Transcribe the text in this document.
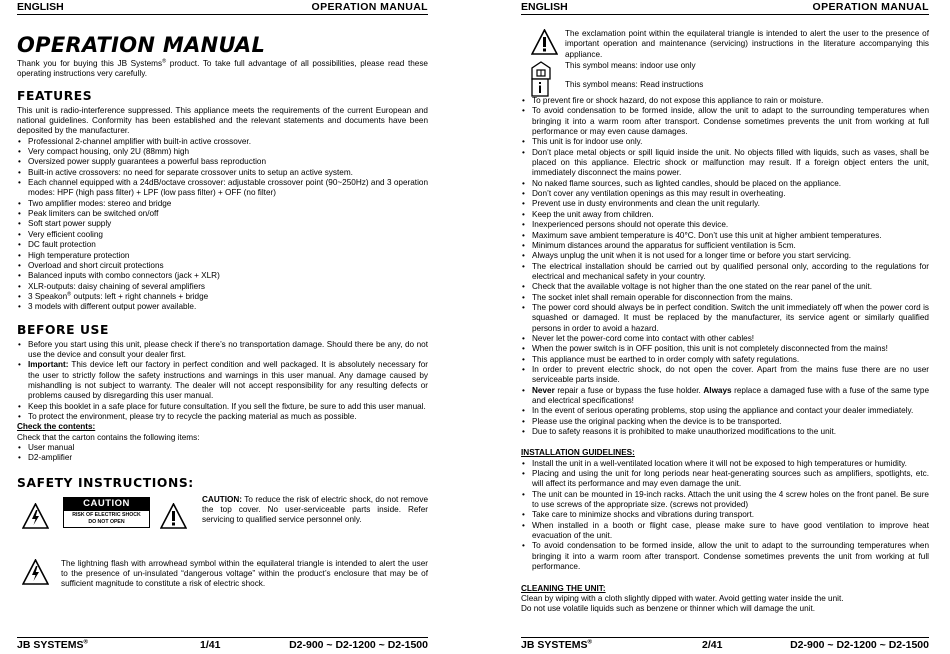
ENGLISH	OPERATION MANUAL
OPERATION MANUAL

Thank you for buying this JB Systems® product. To take full advantage of all possibilities, please read these operating instructions very carefully.

FEATURES

This unit is radio-interference suppressed. This appliance meets the requirements of the current European and national guidelines. Conformity has been established and the relevant statements and documents have been deposited by the manufacturer.

• Professional 2-channel amplifier with built-in active crossover.
• Very compact housing, only 2U (88mm) high
• Oversized power supply guarantees a powerful bass reproduction
• Built-in active crossovers: no need for separate crossover units to setup an active system.
• Each channel equipped with a 24dB/octave crossover: adjustable crossover point (90~250Hz) and 3 operation modes: HPF (high pass filter) + LPF (low pass filter) + OFF (no filter)
• Two amplifier modes: stereo and bridge
• Peak limiters can be switched on/off
• Soft start power supply
• Very efficient cooling
• DC fault protection
• High temperature protection
• Overload and short circuit protections
• Balanced inputs with combo connectors (jack + XLR)
• XLR-outputs: daisy chaining of several amplifiers
• 3 Speakon® outputs: left + right channels + bridge
• 3 models with different output power available.
BEFORE USE
• Before you start using this unit, please check if there’s no transportation damage. Should there be any, do not use the device and consult your dealer first.
• Important: This device left our factory in perfect condition and well packaged. It is absolutely necessary for the user to strictly follow the safety instructions and warnings in this user manual. Any damage caused by mishandling is not subject to warranty. The dealer will not accept responsibility for any resulting defects or problems caused by disregarding this user manual.
• Keep this booklet in a safe place for future consultation. If you sell the fixture, be sure to add this user manual.
• To protect the environment, please try to recycle the packing material as much as possible.

Check the contents:

Check that the carton contains the following items:

• User manual
• D2-amplifier
SAFETY INSTRUCTIONS:
CAUTION
RISK OF ELECTRIC SHOCK
DO NOT OPEN

CAUTION: To reduce the risk of electric shock, do not remove the top cover. No user-serviceable parts inside. Refer servicing to qualified service personnel only.

The lightning flash with arrowhead symbol within the equilateral triangle is intended to alert the user to the presence of un-insulated “dangerous voltage” within the product’s enclosure that may be of sufficient magnitude to constitute a risk of electric shock.

JB SYSTEMS®	1/41	D2-900 ~ D2-1200 ~ D2-1500
ENGLISH	OPERATION MANUAL

The exclamation point within the equilateral triangle is intended to alert the user to the presence of important operation and maintenance (servicing) instructions in the literature accompanying this appliance.

This symbol means: indoor use only

This symbol means: Read instructions

• To prevent fire or shock hazard, do not expose this appliance to rain or moisture.
• To avoid condensation to be formed inside, allow the unit to adapt to the surrounding temperatures when bringing it into a warm room after transport. Condense sometimes prevents the unit from working at full performance or may even cause damages.
• This unit is for indoor use only.
• Don’t place metal objects or spill liquid inside the unit. No objects filled with liquids, such as vases, shall be placed on this appliance. Electric shock or malfunction may result. If a foreign object enters the unit, immediately disconnect the mains power.
• No naked flame sources, such as lighted candles, should be placed on the appliance.
• Don’t cover any ventilation openings as this may result in overheating.
• Prevent use in dusty environments and clean the unit regularly.
• Keep the unit away from children.
• Inexperienced persons should not operate this device.
• Maximum save ambient temperature is 40°C. Don’t use this unit at higher ambient temperatures.
• Minimum distances around the apparatus for sufficient ventilation is 5cm.
• Always unplug the unit when it is not used for a longer time or before you start servicing.
• The electrical installation should be carried out by qualified personal only, according to the regulations for electrical and mechanical safety in your country.
• Check that the available voltage is not higher than the one stated on the rear panel of the unit.
• The socket inlet shall remain operable for disconnection from the mains.
• The power cord should always be in perfect condition. Switch the unit immediately off when the power cord is squashed or damaged. It must be replaced by the manufacturer, its service agent or similarly qualified persons in order to avoid a hazard.
• Never let the power-cord come into contact with other cables!
• When the power switch is in OFF position, this unit is not completely disconnected from the mains!
• This appliance must be earthed to in order comply with safety regulations.
• In order to prevent electric shock, do not open the cover. Apart from the mains fuse there are no user serviceable parts inside.
• Never repair a fuse or bypass the fuse holder. Always replace a damaged fuse with a fuse of the same type and electrical specifications!
• In the event of serious operating problems, stop using the appliance and contact your dealer immediately.
• Please use the original packing when the device is to be transported.
• Due to safety reasons it is prohibited to make unauthorized modifications to the unit.

INSTALLATION GUIDELINES:

• Install the unit in a well-ventilated location where it will not be exposed to high temperatures or humidity.
• Placing and using the unit for long periods near heat-generating sources such as amplifiers, spotlights, etc. will affect its performance and may even damage the unit.
• The unit can be mounted in 19-inch racks. Attach the unit using the 4 screw holes on the front panel. Be sure to use screws of the appropriate size. (screws not provided)
• Take care to minimize shocks and vibrations during transport.
• When installed in a booth or flight case, please make sure to have good ventilation to improve heat evacuation of the unit.
• To avoid condensation to be formed inside, allow the unit to adapt to the surrounding temperatures when bringing it into a warm room after transport. Condense sometimes prevents the unit from working at full performance.

CLEANING THE UNIT:

Clean by wiping with a cloth slightly dipped with water. Avoid getting water inside the unit.

Do not use volatile liquids such as benzene or thinner which will damage the unit.

JB SYSTEMS®	2/41	D2-900 ~ D2-1200 ~ D2-1500
